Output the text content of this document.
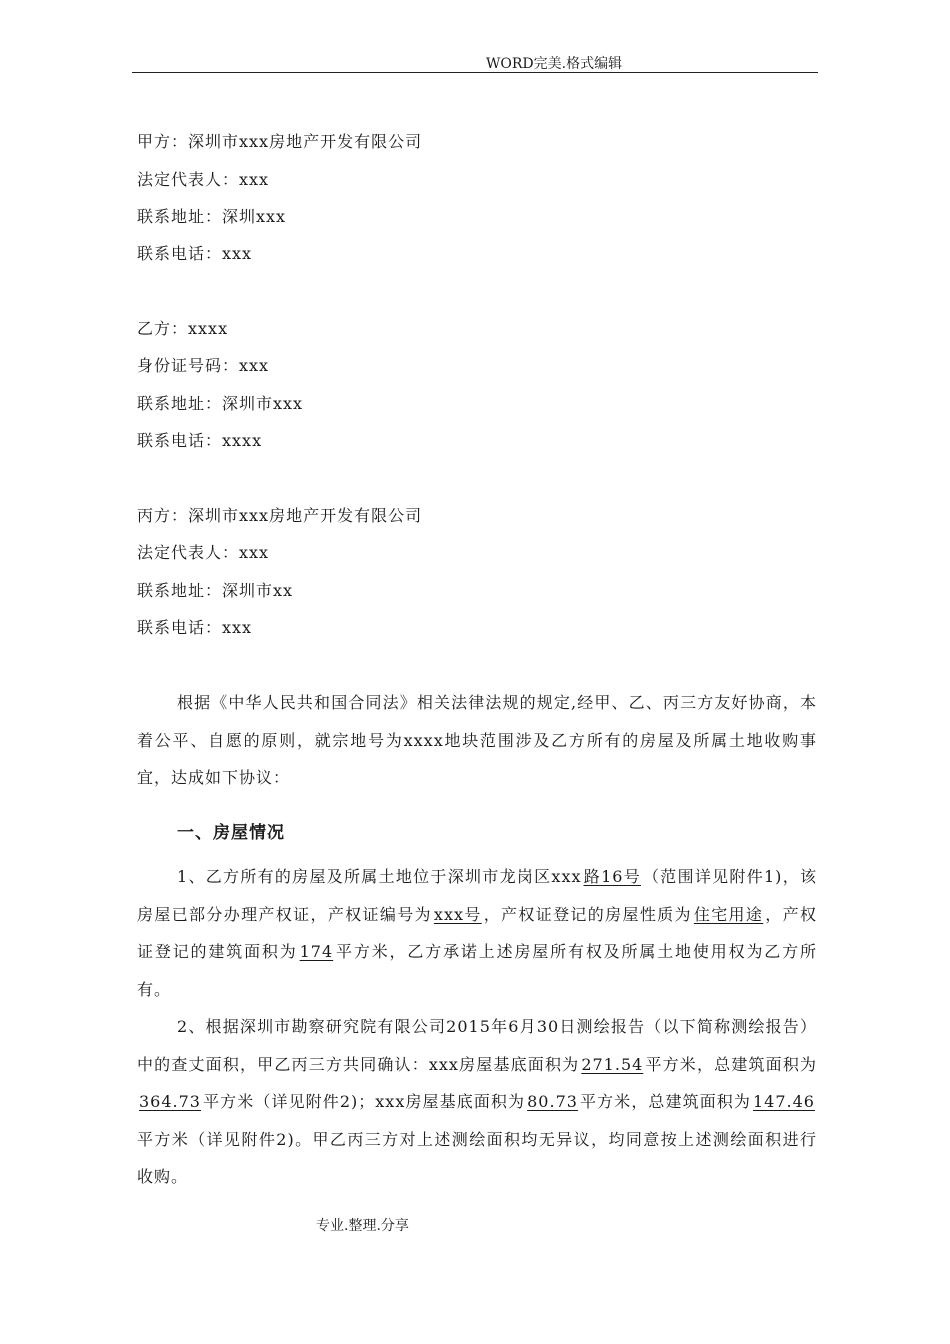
WORD完美.格式编辑
甲方：深圳市xxx房地产开发有限公司
法定代表人：xxx
联系地址：深圳xxx
联系电话：xxx
乙方：xxxx
身份证号码：xxx
联系地址：深圳市xxx
联系电话：xxxx
丙方：深圳市xxx房地产开发有限公司
法定代表人：xxx
联系地址：深圳市xx
联系电话：xxx
根据《中华人民共和国合同法》相关法律法规的规定,经甲、乙、丙三方友好协商，本着公平、自愿的原则，就宗地号为xxxx地块范围涉及乙方所有的房屋及所属土地收购事宜，达成如下协议：
一、房屋情况
1、乙方所有的房屋及所属土地位于深圳市龙岗区xxx 路16号 （范围详见附件1)，该房屋已部分办理产权证，产权证编号为 xxx号 ，产权证登记的房屋性质为 住宅用途 ，产权证登记的建筑面积为 174 平方米，乙方承诺上述房屋所有权及所属土地使用权为乙方所有。
2、根据深圳市勘察研究院有限公司2015年6月30日测绘报告（以下简称测绘报告）中的查丈面积，甲乙丙三方共同确认：xxx房屋基底面积为 271.54 平方米，总建筑面积为364.73 平方米（详见附件2)；xxx房屋基底面积为 80.73 平方米，总建筑面积为 147.46平方米（详见附件2)。甲乙丙三方对上述测绘面积均无异议，均同意按上述测绘面积进行收购。
专业.整理.分享
